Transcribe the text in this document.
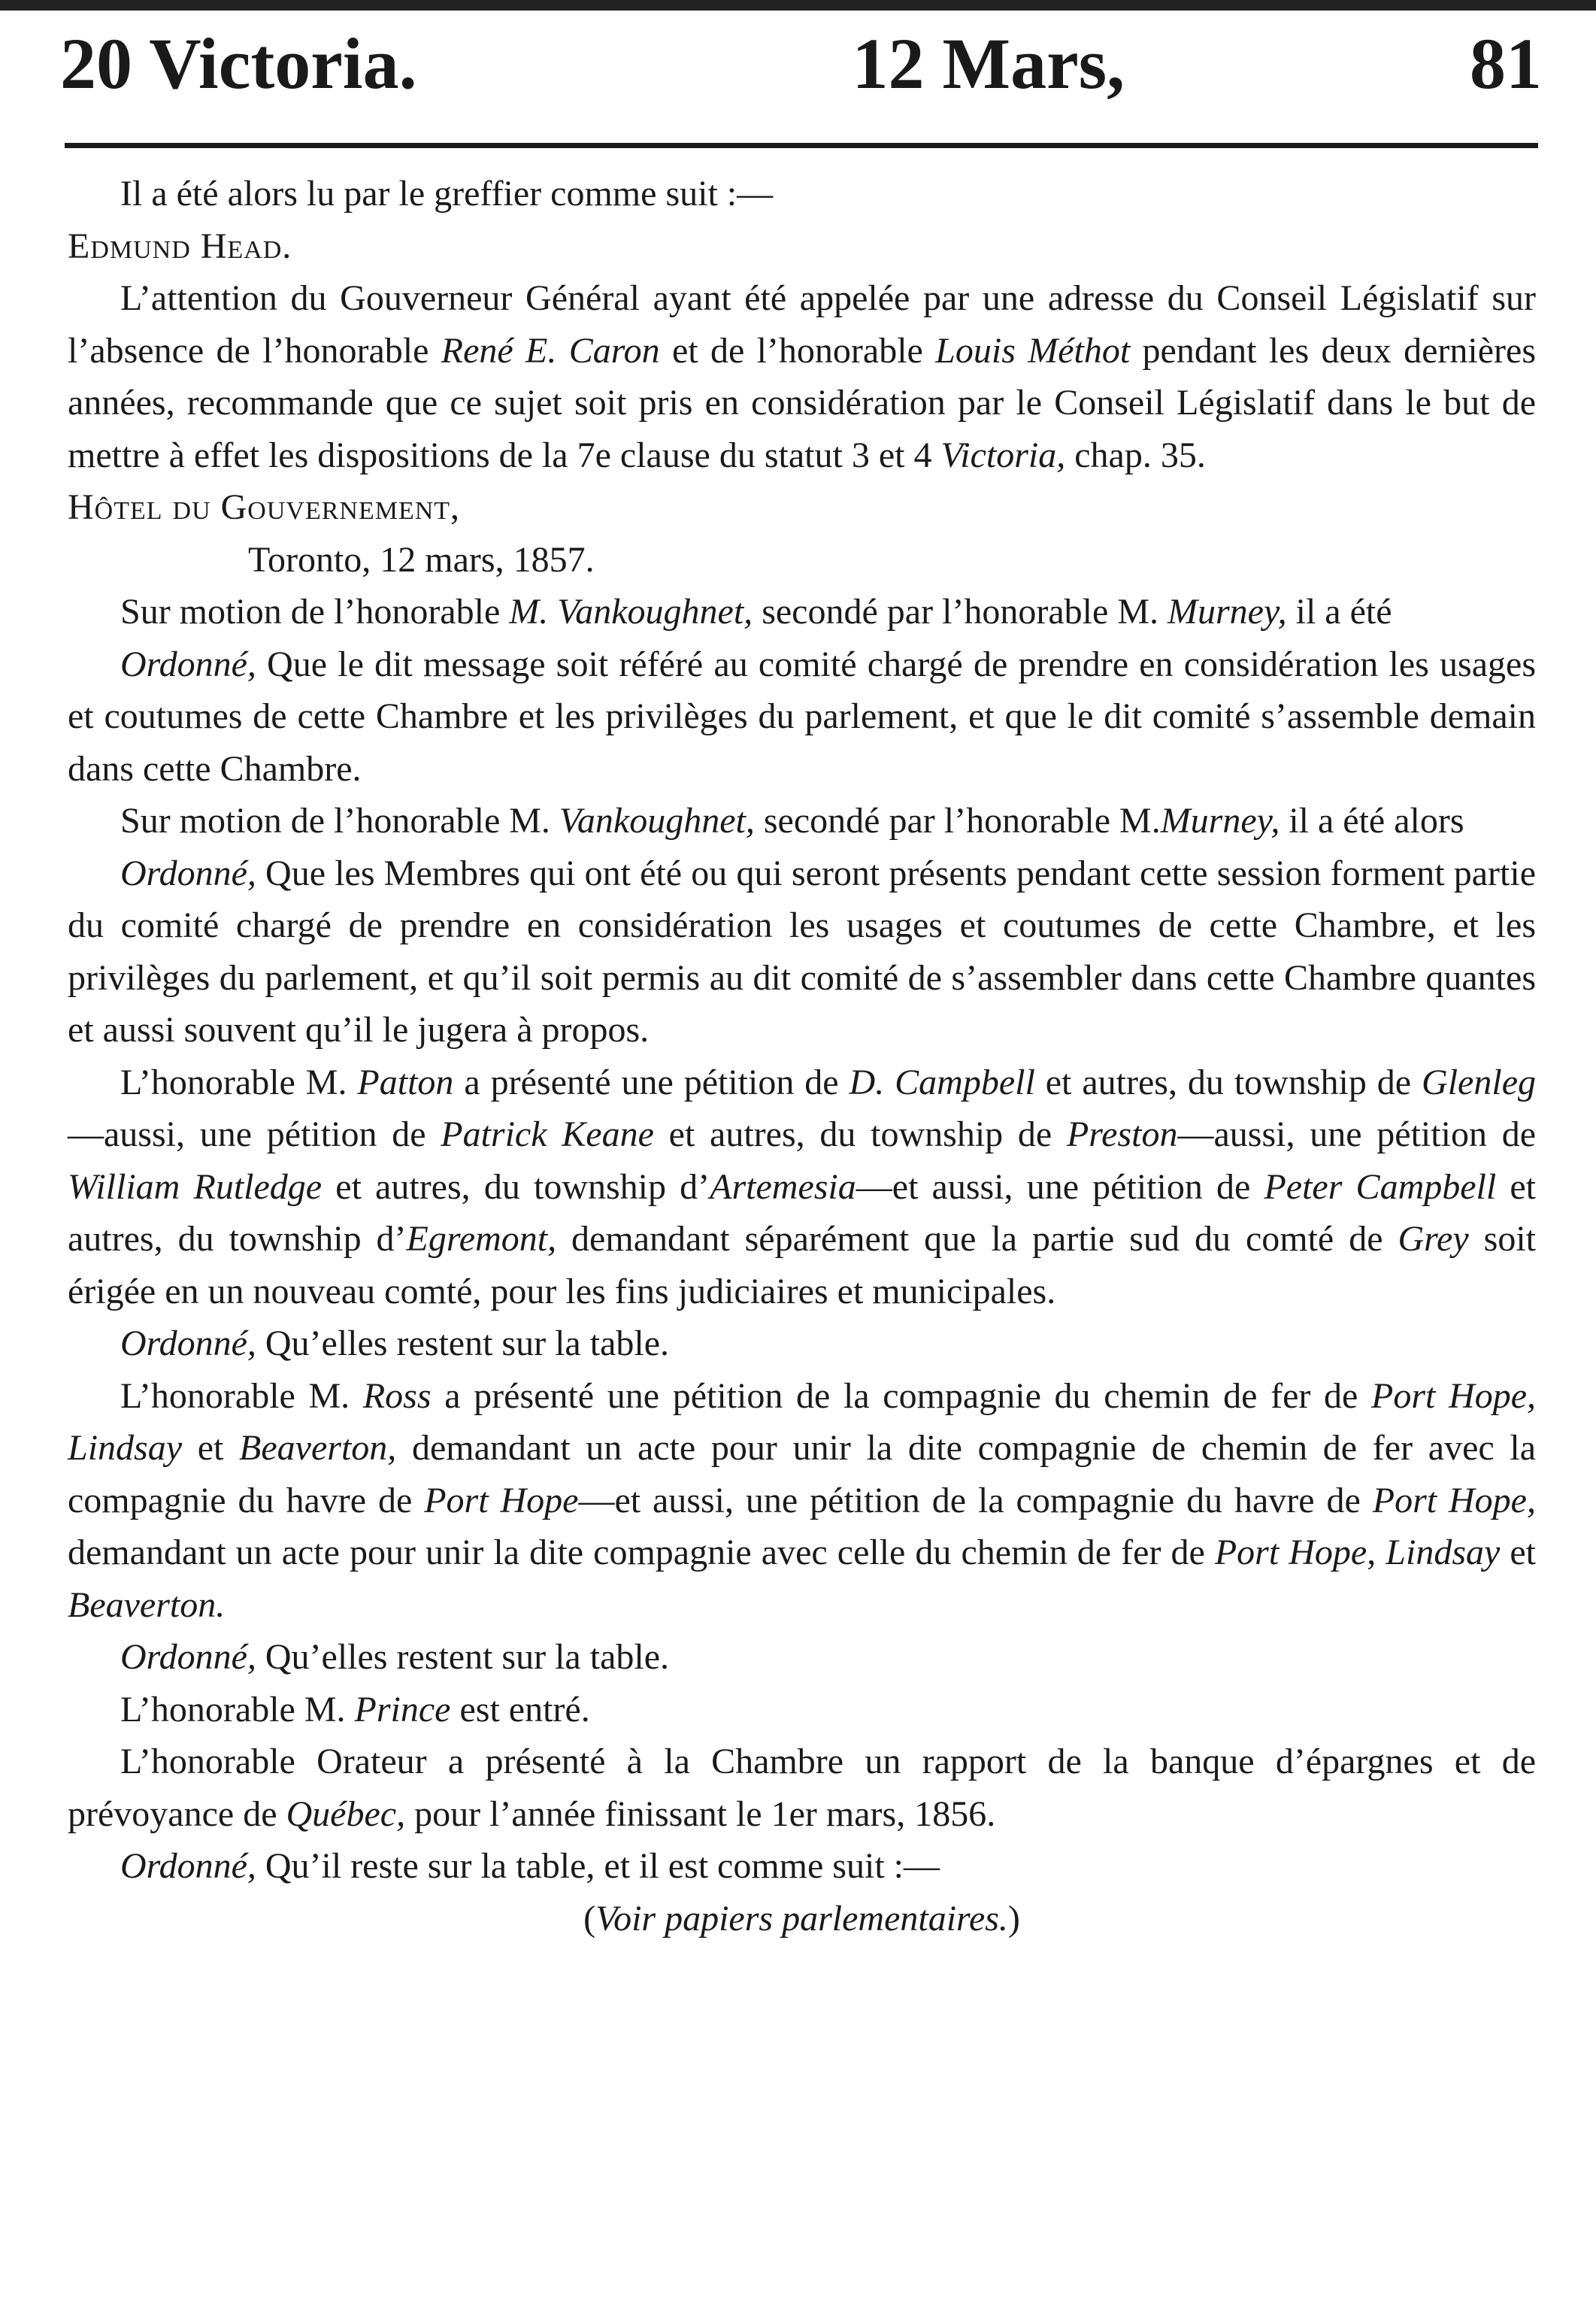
20 Victoria.	12 Mars,	81

Il a été alors lu par le greffier comme suit :—

Edmund Head.

L’attention du Gouverneur Général ayant été appelée par une adresse du Conseil Législatif sur l’absence de l’honorable René E. Caron et de l’honorable Louis Méthot pendant les deux dernières années, recommande que ce sujet soit pris en considération par le Conseil Législatif dans le but de mettre à effet les dispositions de la 7e clause du statut 3 et 4 Victoria, chap. 35.

Hôtel du Gouvernement,

Toronto, 12 mars, 1857.

Sur motion de l’honorable M. Vankoughnet, secondé par l’honorable M. Murney, il a été

Ordonné, Que le dit message soit référé au comité chargé de prendre en considération les usages et coutumes de cette Chambre et les privilèges du parlement, et que le dit comité s’assemble demain dans cette Chambre.

Sur motion de l’honorable M. Vankoughnet, secondé par l’honorable M.Murney, il a été alors

Ordonné, Que les Membres qui ont été ou qui seront présents pendant cette session forment partie du comité chargé de prendre en considération les usages et coutumes de cette Chambre, et les privilèges du parlement, et qu’il soit permis au dit comité de s’assembler dans cette Chambre quantes et aussi souvent qu’il le jugera à propos.

L’honorable M. Patton a présenté une pétition de D. Campbell et autres, du township de Glenleg—aussi, une pétition de Patrick Keane et autres, du township de Preston—aussi, une pétition de William Rutledge et autres, du township d’Artemesia—et aussi, une pétition de Peter Campbell et autres, du township d’Egremont, demandant séparément que la partie sud du comté de Grey soit érigée en un nouveau comté, pour les fins judiciaires et municipales.

Ordonné, Qu’elles restent sur la table.

L’honorable M. Ross a présenté une pétition de la compagnie du chemin de fer de Port Hope, Lindsay et Beaverton, demandant un acte pour unir la dite compagnie de chemin de fer avec la compagnie du havre de Port Hope—et aussi, une pétition de la compagnie du havre de Port Hope, demandant un acte pour unir la dite compagnie avec celle du chemin de fer de Port Hope, Lindsay et Beaverton.

Ordonné, Qu’elles restent sur la table.

L’honorable M. Prince est entré.

L’honorable Orateur a présenté à la Chambre un rapport de la banque d’épargnes et de prévoyance de Québec, pour l’année finissant le 1er mars, 1856.

Ordonné, Qu’il reste sur la table, et il est comme suit :—

(Voir papiers parlementaires.)
